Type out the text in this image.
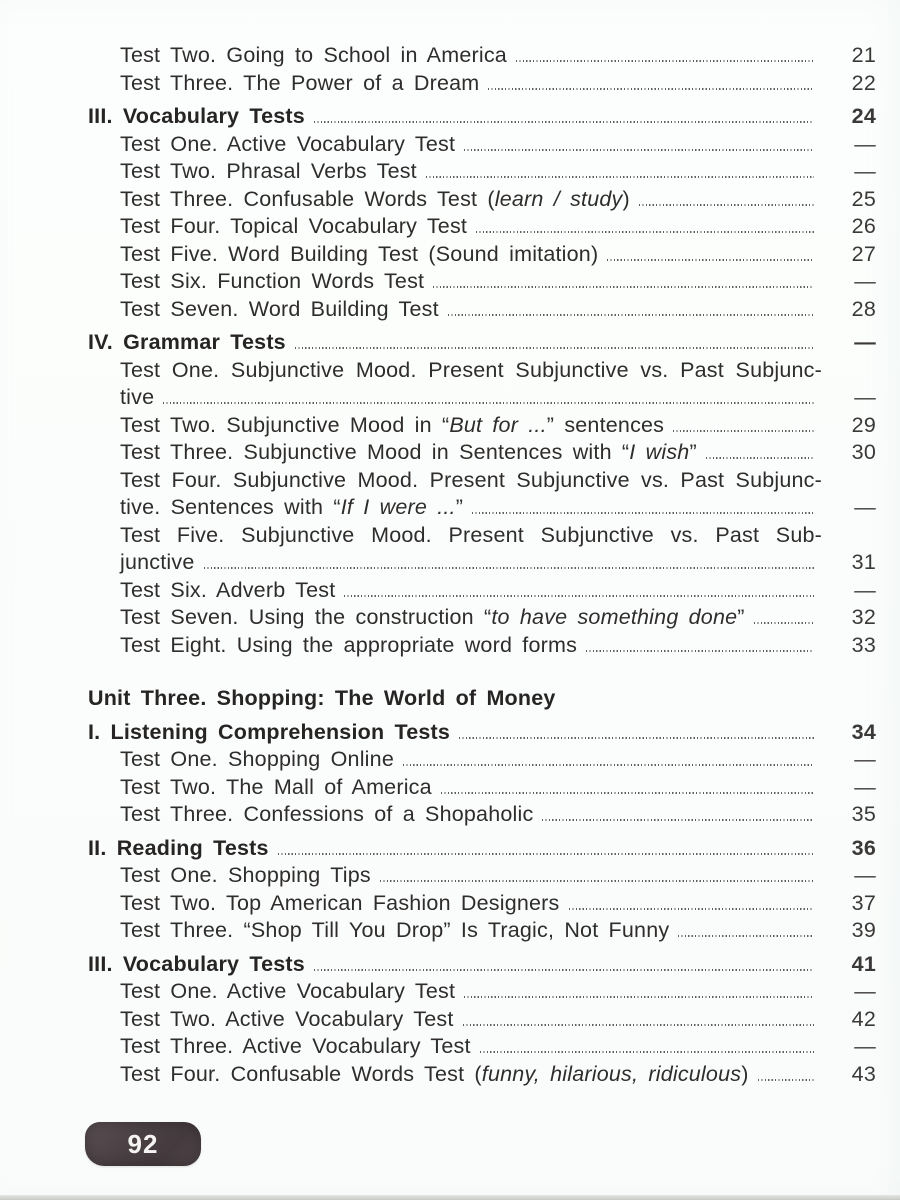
Test Two. Going to School in America	21
Test Three. The Power of a Dream	22
III. Vocabulary Tests	24
Test One. Active Vocabulary Test	—
Test Two. Phrasal Verbs Test	—
Test Three. Confusable Words Test (learn / study)	25
Test Four. Topical Vocabulary Test	26
Test Five. Word Building Test (Sound imitation)	27
Test Six. Function Words Test	—
Test Seven. Word Building Test	28
IV. Grammar Tests	—
Test One. Subjunctive Mood. Present Subjunctive vs. Past Subjunc-
tive	—
Test Two. Subjunctive Mood in “But for ...” sentences	29
Test Three. Subjunctive Mood in Sentences with “I wish”	30
Test Four. Subjunctive Mood. Present Subjunctive vs. Past Subjunc-
tive. Sentences with “If I were ...”	—
Test Five. Subjunctive Mood. Present Subjunctive vs. Past Sub-
junctive	31
Test Six. Adverb Test	—
Test Seven. Using the construction “to have something done”	32
Test Eight. Using the appropriate word forms	33
Unit Three. Shopping: The World of Money
I. Listening Comprehension Tests	34
Test One. Shopping Online	—
Test Two. The Mall of America	—
Test Three. Confessions of a Shopaholic	35
II. Reading Tests	36
Test One. Shopping Tips	—
Test Two. Top American Fashion Designers	37
Test Three. “Shop Till You Drop” Is Tragic, Not Funny	39
III. Vocabulary Tests	41
Test One. Active Vocabulary Test	—
Test Two. Active Vocabulary Test	42
Test Three. Active Vocabulary Test	—
Test Four. Confusable Words Test (funny, hilarious, ridiculous)	43
92
